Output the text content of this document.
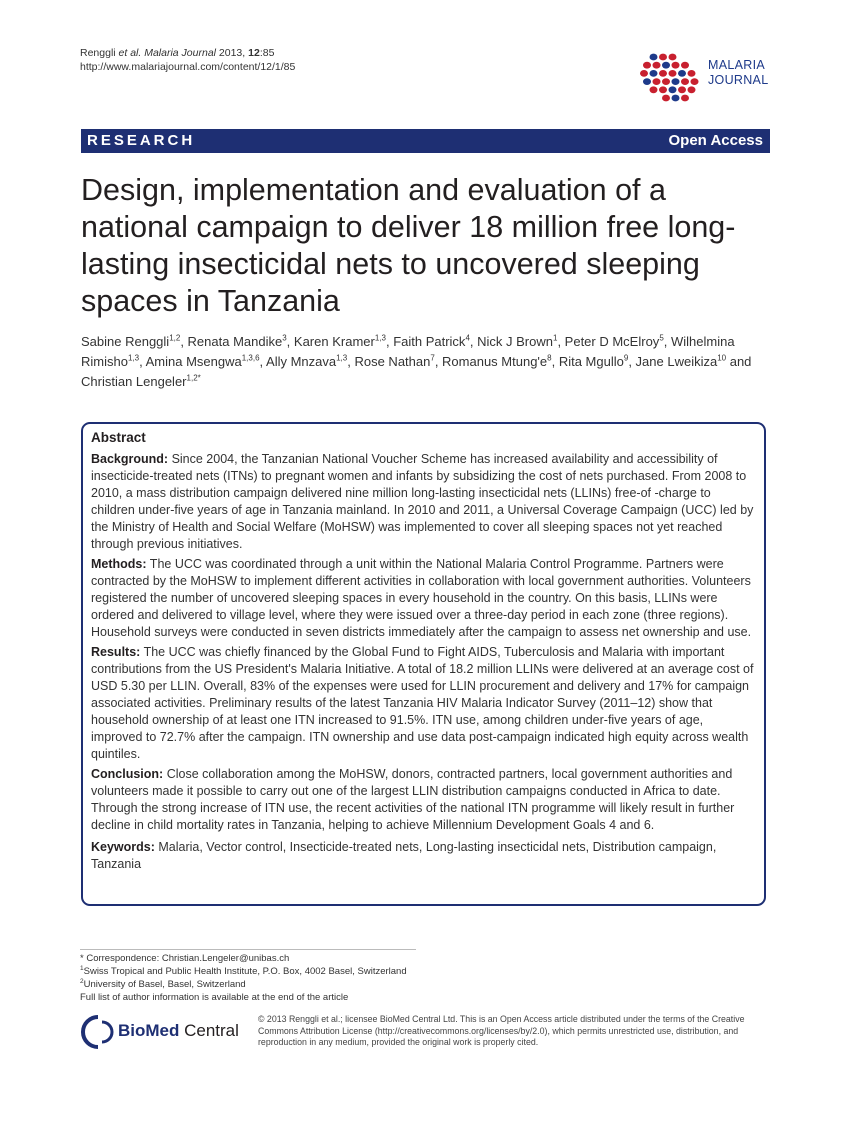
Renggli et al. Malaria Journal 2013, 12:85
http://www.malariajournal.com/content/12/1/85	MALARIA
JOURNAL
RESEARCH	Open Access
Design, implementation and evaluation of a national campaign to deliver 18 million free long-lasting insecticidal nets to uncovered sleeping spaces in Tanzania
Sabine Renggli$^{1,2}$, Renata Mandike$^3$, Karen Kramer$^{1,3}$, Faith Patrick$^4$, Nick J Brown$^1$, Peter D McElroy$^5$, Wilhelmina Rimisho$^{1,3}$, Amina Msengwa$^{1,3,6}$, Ally Mnzava$^{1,3}$, Rose Nathan$^7$, Romanus $Mtung'e^8$, Rita Mgullo$^9$, Jane Lweikiza$^{10}$ and Christian Lengeler$^{1,2*}$
Abstract

Background: Since 2004, the Tanzanian National Voucher Scheme has increased availability and accessibility of insecticide-treated nets (ITNs) to pregnant women and infants by subsidizing the cost of nets purchased. From 2008 to 2010, a mass distribution campaign delivered nine million long-lasting insecticidal nets (LLINs) free-of -charge to children under-five years of age in Tanzania mainland. In 2010 and 2011, a Universal Coverage Campaign (UCC) led by the Ministry of Health and Social Welfare (MoHSW) was implemented to cover all sleeping spaces not yet reached through previous initiatives.

Methods: The UCC was coordinated through a unit within the National Malaria Control Programme. Partners were contracted by the MoHSW to implement different activities in collaboration with local government authorities. Volunteers registered the number of uncovered sleeping spaces in every household in the country. On this basis, LLINs were ordered and delivered to village level, where they were issued over a three-day period in each zone (three regions). Household surveys were conducted in seven districts immediately after the campaign to assess net ownership and use.

Results: The UCC was chiefly financed by the Global Fund to Fight AIDS, Tuberculosis and Malaria with important contributions from the US President's Malaria Initiative. A total of 18.2 million LLINs were delivered at an average cost of USD 5.30 per LLIN. Overall, 83% of the expenses were used for LLIN procurement and delivery and 17% for campaign associated activities. Preliminary results of the latest Tanzania HIV Malaria Indicator Survey (2011–12) show that household ownership of at least one ITN increased to 91.5%. ITN use, among children under-five years of age, improved to 72.7% after the campaign. ITN ownership and use data post-campaign indicated high equity across wealth quintiles.

Conclusion: Close collaboration among the MoHSW, donors, contracted partners, local government authorities and volunteers made it possible to carry out one of the largest LLIN distribution campaigns conducted in Africa to date. Through the strong increase of ITN use, the recent activities of the national ITN programme will likely result in further decline in child mortality rates in Tanzania, helping to achieve Millennium Development Goals 4 and 6.

Keywords: Malaria, Vector control, Insecticide-treated nets, Long-lasting insecticidal nets, Distribution campaign, Tanzania

* Correspondence: Christian.Lengeler@unibas.ch
$^1$Swiss Tropical and Public Health Institute, P.O. Box, 4002 Basel, Switzerland
$^2$University of Basel, Basel, Switzerland
Full list of author information is available at the end of the article
BioMed Central
© 2013 Renggli et al.; licensee BioMed Central Ltd. This is an Open Access article distributed under the terms of the Creative Commons Attribution License (http://creativecommons.org/licenses/by/2.0), which permits unrestricted use, distribution, and reproduction in any medium, provided the original work is properly cited.
